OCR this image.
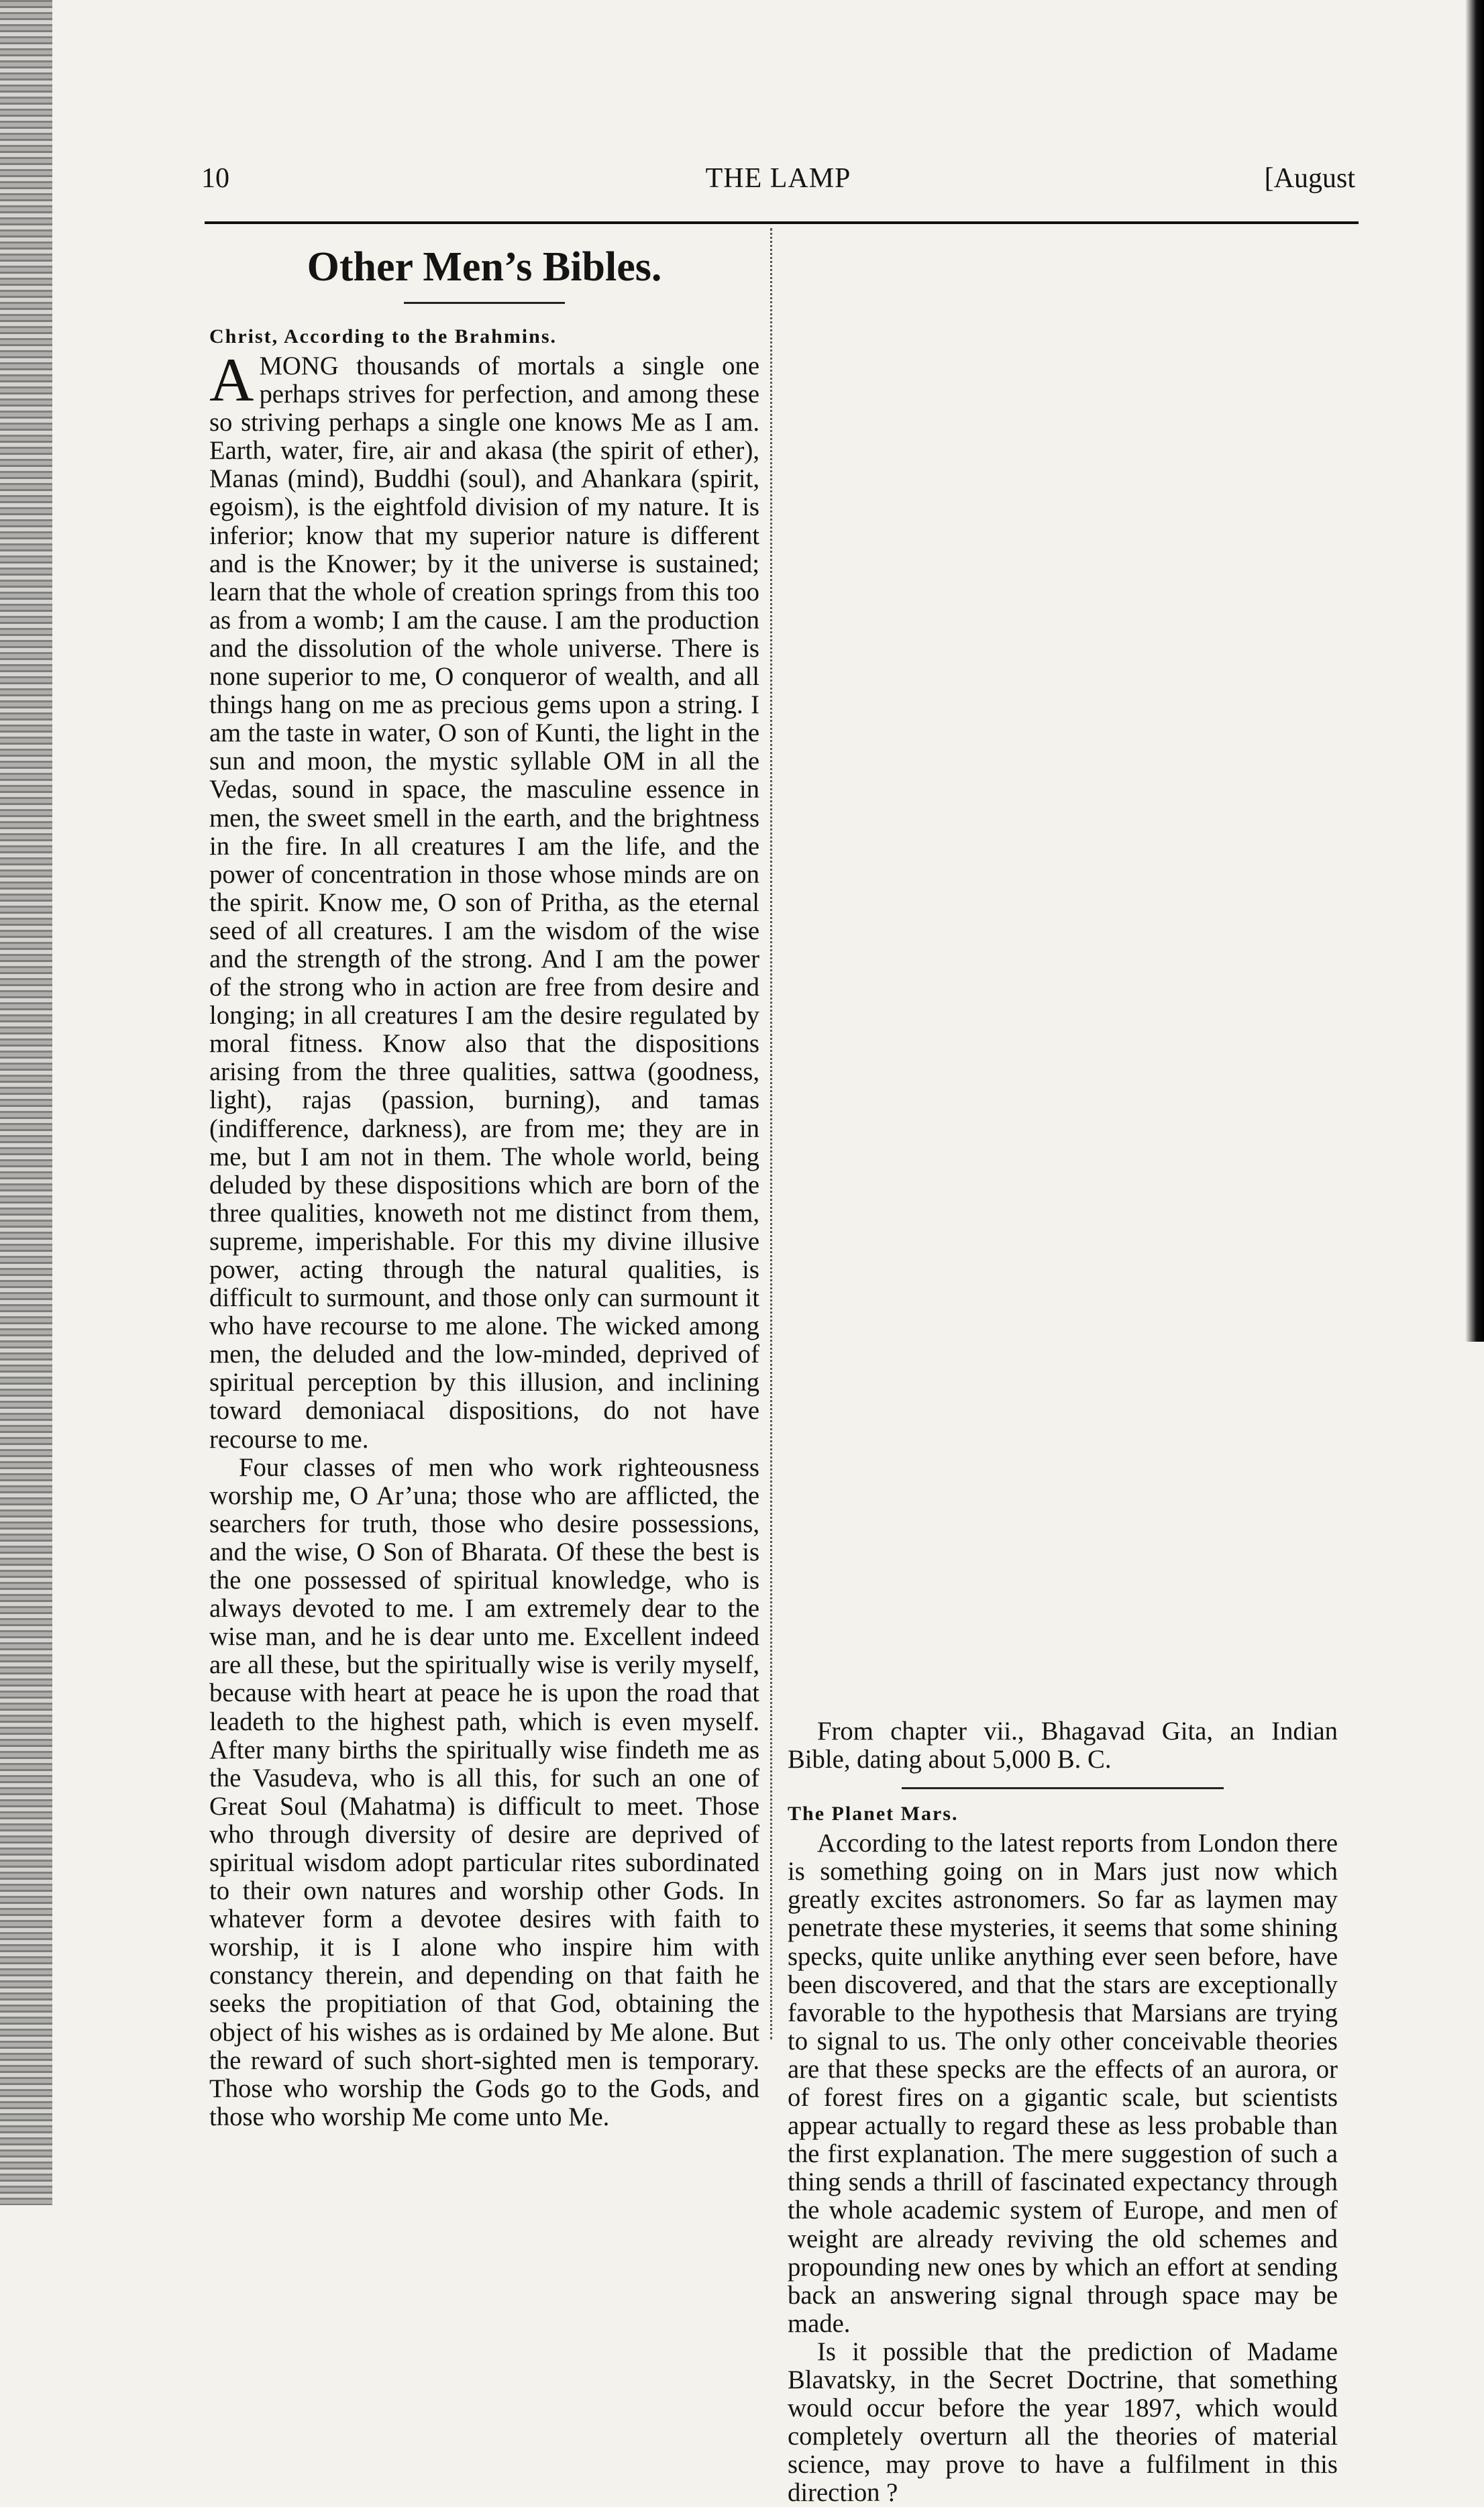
10	THE LAMP	[August
Other Men’s Bibles.

Christ, According to the Brahmins.

AMONG thousands of mortals a single one perhaps strives for perfection, and among these so striving perhaps a single one knows Me as I am. Earth, water, fire, air and akasa (the spirit of ether), Manas (mind), Buddhi (soul), and Ahankara (spirit, egoism), is the eightfold division of my nature. It is inferior; know that my superior nature is different and is the Knower; by it the universe is sustained; learn that the whole of creation springs from this too as from a womb; I am the cause. I am the production and the dissolution of the whole universe. There is none superior to me, O conqueror of wealth, and all things hang on me as precious gems upon a string. I am the taste in water, O son of Kunti, the light in the sun and moon, the mystic syllable OM in all the Vedas, sound in space, the masculine essence in men, the sweet smell in the earth, and the brightness in the fire. In all creatures I am the life, and the power of concentration in those whose minds are on the spirit. Know me, O son of Pritha, as the eternal seed of all creatures. I am the wisdom of the wise and the strength of the strong. And I am the power of the strong who in action are free from desire and longing; in all creatures I am the desire regulated by moral fitness. Know also that the dispositions arising from the three qualities, sattwa (goodness, light), rajas (passion, burning), and tamas (indifference, darkness), are from me; they are in me, but I am not in them. The whole world, being deluded by these dispositions which are born of the three qualities, knoweth not me distinct from them, supreme, imperishable. For this my divine illusive power, acting through the natural qualities, is difficult to surmount, and those only can surmount it who have recourse to me alone. The wicked among men, the deluded and the low-minded, deprived of spiritual perception by this illusion, and inclining toward demoniacal dispositions, do not have recourse to me.

Four classes of men who work righteousness worship me, O Ar’una; those who are afflicted, the searchers for truth, those who desire possessions, and the wise, O Son of Bharata. Of these the best is the one possessed of spiritual knowledge, who is always devoted to me. I am extremely dear to the wise man, and he is dear unto me. Excellent indeed are all these, but the spiritually wise is verily myself, because with heart at peace he is upon the road that leadeth to the highest path, which is even myself. After many births the spiritually wise findeth me as the Vasudeva, who is all this, for such an one of Great Soul (Mahatma) is difficult to meet. Those who through diversity of desire are deprived of spiritual wisdom adopt particular rites subordinated to their own natures and worship other Gods. In whatever form a devotee desires with faith to worship, it is I alone who inspire him with constancy therein, and depending on that faith he seeks the propitiation of that God, obtaining the object of his wishes as is ordained by Me alone. But the reward of such short-sighted men is temporary. Those who worship the Gods go to the Gods, and those who worship Me come unto Me.

From chapter vii., Bhagavad Gita, an Indian Bible, dating about 5,000 B. C.

The Planet Mars.

According to the latest reports from London there is something going on in Mars just now which greatly excites astronomers. So far as laymen may penetrate these mysteries, it seems that some shining specks, quite unlike anything ever seen before, have been discovered, and that the stars are exceptionally favorable to the hypothesis that Marsians are trying to signal to us. The only other conceivable theories are that these specks are the effects of an aurora, or of forest fires on a gigantic scale, but scientists appear actually to regard these as less probable than the first explanation. The mere suggestion of such a thing sends a thrill of fascinated expectancy through the whole academic system of Europe, and men of weight are already reviving the old schemes and propounding new ones by which an effort at sending back an answering signal through space may be made.

Is it possible that the prediction of Madame Blavatsky, in the Secret Doctrine, that something would occur before the year 1897, which would completely overturn all the theories of material science, may prove to have a fulfilment in this direction ?
